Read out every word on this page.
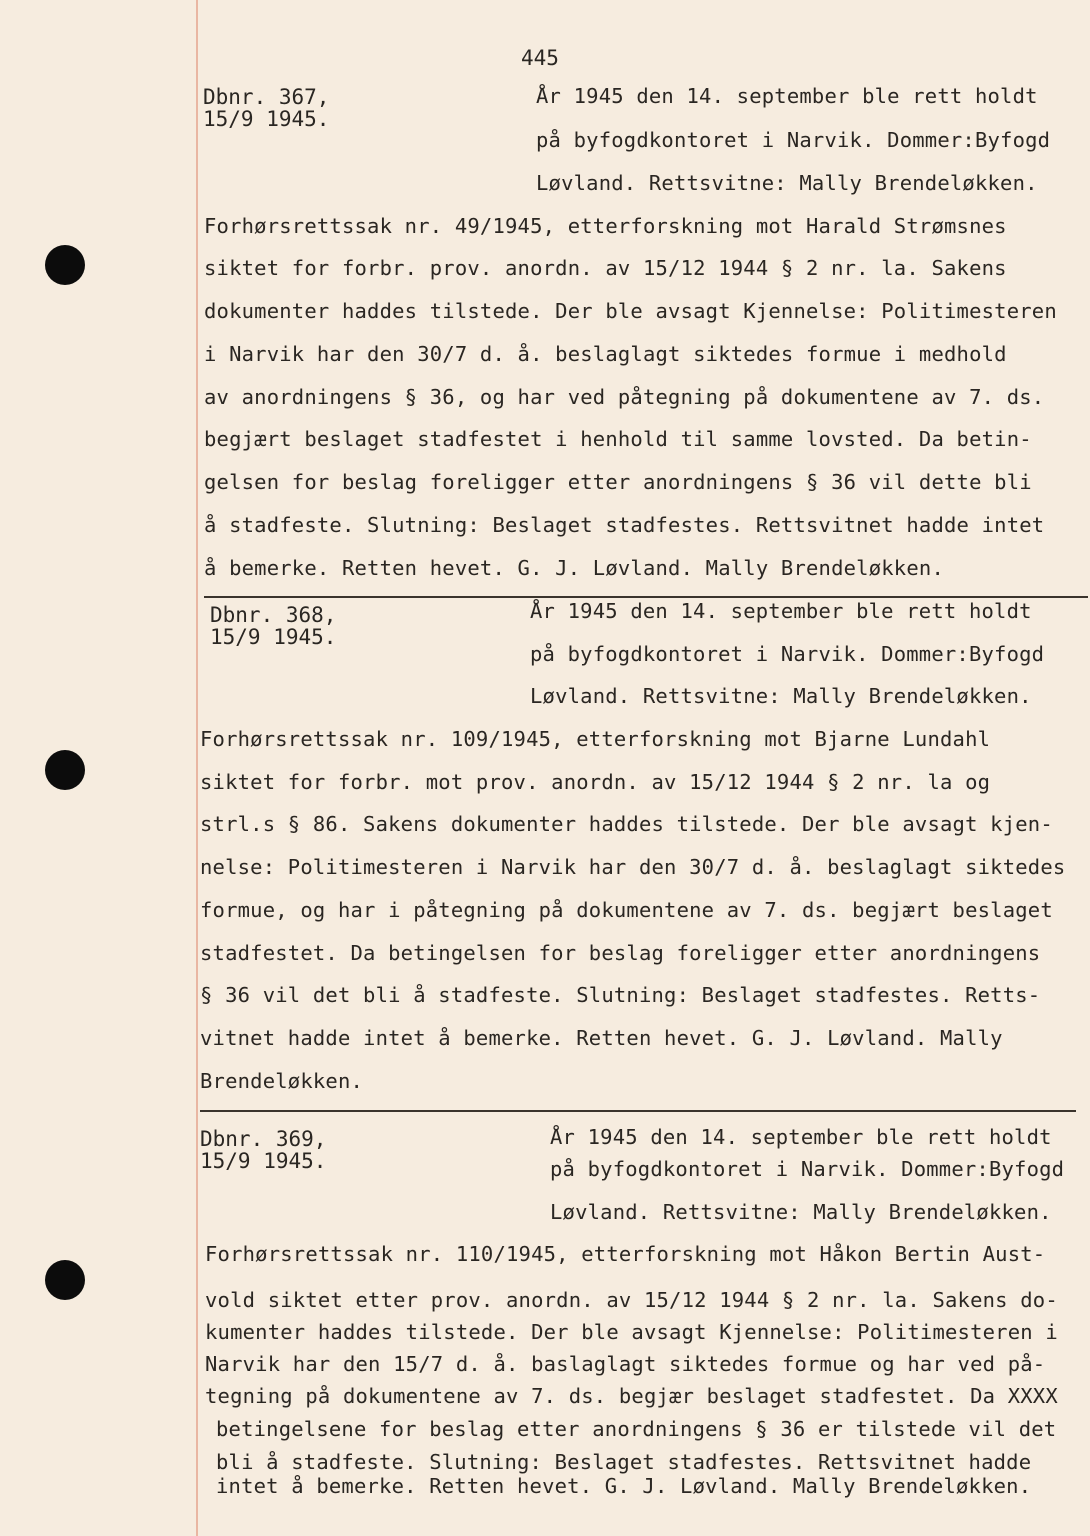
445
Dbnr. 367,
15/9 1945.
År 1945 den 14. september ble rett holdt
på byfogdkontoret i Narvik. Dommer:Byfogd
Løvland. Rettsvitne: Mally Brendeløkken.
Forhørsrettssak nr. 49/1945, etterforskning mot Harald Strømsnes
siktet for forbr. prov. anordn. av 15/12 1944 § 2 nr. la. Sakens
dokumenter haddes tilstede. Der ble avsagt Kjennelse: Politimesteren
i Narvik har den 30/7 d. å. beslaglagt siktedes formue i medhold
av anordningens § 36, og har ved påtegning på dokumentene av 7. ds.
begjært beslaget stadfestet i henhold til samme lovsted. Da betin-
gelsen for beslag foreligger etter anordningens § 36 vil dette bli
å stadfeste. Slutning: Beslaget stadfestes. Rettsvitnet hadde intet
å bemerke. Retten hevet. G. J. Løvland. Mally Brendeløkken.
Dbnr. 368,
15/9 1945.
År 1945 den 14. september ble rett holdt
på byfogdkontoret i Narvik. Dommer:Byfogd
Løvland. Rettsvitne: Mally Brendeløkken.
Forhørsrettssak nr. 109/1945, etterforskning mot Bjarne Lundahl
siktet for forbr. mot prov. anordn. av 15/12 1944 § 2 nr. la og
strl.s § 86. Sakens dokumenter haddes tilstede. Der ble avsagt kjen-
nelse: Politimesteren i Narvik har den 30/7 d. å. beslaglagt siktedes
formue, og har i påtegning på dokumentene av 7. ds. begjært beslaget
stadfestet. Da betingelsen for beslag foreligger etter anordningens
§ 36 vil det bli å stadfeste. Slutning: Beslaget stadfestes. Retts-
vitnet hadde intet å bemerke. Retten hevet. G. J. Løvland. Mally
Brendeløkken.
Dbnr. 369,
15/9 1945.
År 1945 den 14. september ble rett holdt
på byfogdkontoret i Narvik. Dommer:Byfogd
Løvland. Rettsvitne: Mally Brendeløkken.
Forhørsrettssak nr. 110/1945, etterforskning mot Håkon Bertin Aust-
vold siktet etter prov. anordn. av 15/12 1944 § 2 nr. la. Sakens do-
kumenter haddes tilstede. Der ble avsagt Kjennelse: Politimesteren i
Narvik har den 15/7 d. å. baslaglagt siktedes formue og har ved på-
tegning på dokumentene av 7. ds. begjær beslaget stadfestet. Da XXXX
betingelsene for beslag etter anordningens § 36 er tilstede vil det
bli å stadfeste. Slutning: Beslaget stadfestes. Rettsvitnet hadde
intet å bemerke. Retten hevet. G. J. Løvland. Mally Brendeløkken.
